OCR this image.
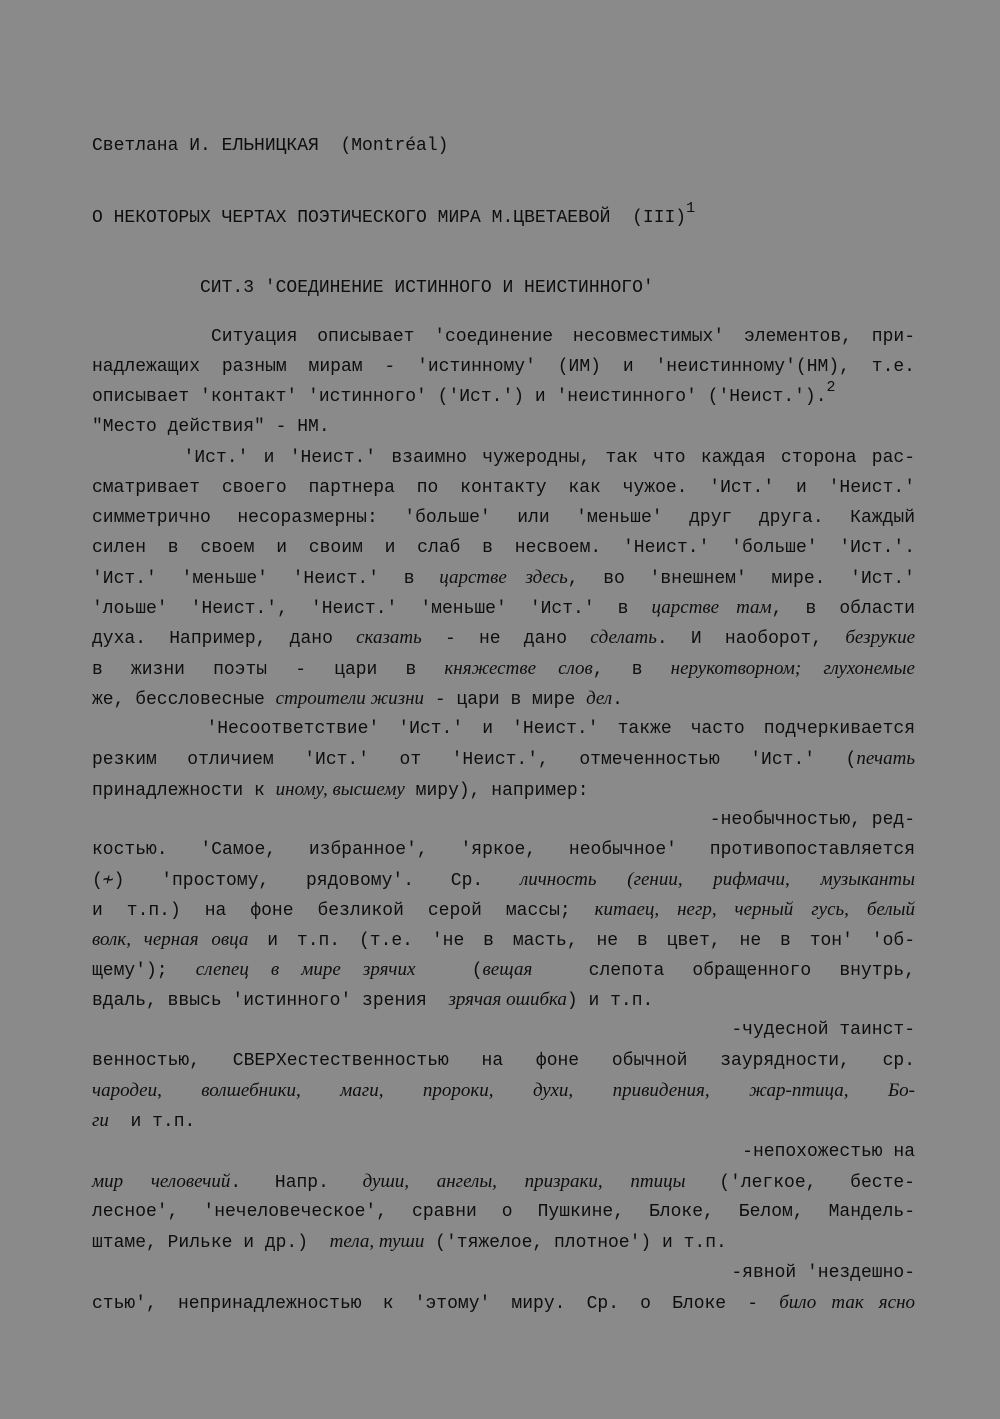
Светлана И. ЕЛЬНИЦКАЯ  (Montréal)
О НЕКОТОРЫХ ЧЕРТАХ ПОЭТИЧЕСКОГО МИРА М.ЦВЕТАЕВОЙ  (III)$^1$
СИТ.3 'СОЕДИНЕНИЕ ИСТИННОГО И НЕИСТИННОГО'
Ситуация описывает 'соединение несовместимых' элементов, при-
надлежащих разным мирам - 'истинному' (ИМ) и 'неистинному'(НМ), т.е.
описывает 'контакт' 'истинного' ('Ист.') и 'неистинного' ('Неист.').$^2$
"Место действия" - НМ.
'Ист.' и 'Неист.' взаимно чужеродны, так что каждая сторона рас-
сматривает своего партнера по контакту как чужое. 'Ист.' и 'Неист.'
симметрично несоразмерны: 'больше' или 'меньше' друг друга. Каждый
силен в своем и своим и слаб в несвоем. 'Неист.' 'больше' 'Ист.'.
'Ист.' 'меньше' 'Неист.' в царстве здесь, во 'внешнем' мире. 'Ист.'
'лоьше' 'Неист.', 'Неист.' 'меньше' 'Ист.' в царстве там, в области
духа. Например, дано сказать - не дано сделать. И наоборот, безрукие
в жизни поэты - цари в княжестве слов, в нерукотворном; глухонемые
же, бессловесные строители жизни - цари в мире дел.
'Несоответствие' 'Ист.' и 'Неист.' также часто подчеркивается
резким отличием 'Ист.' от 'Неист.', отмеченностью 'Ист.' (печать
принадлежности к иному, высшему миру), например:
-необычностью, ред-
костью. 'Самое, избранное', 'яркое, необычное' противопоставляется
(≁) 'простому, рядовому'. Ср. личность (гении, рифмачи, музыканты
и т.п.) на фоне безликой серой массы; китаец, негр, черный гусь, белый
волк, черная овца и т.п. (т.е. 'не в масть, не в цвет, не в тон' 'об-
щему'); слепец в мире зрячих  (вещая  слепота обращенного внутрь,
вдаль, ввысь 'истинного' зрения  зрячая ошибка) и т.п.
-чудесной таинст-
венностью, СВЕРХестественностью на фоне обычной заурядности, ср.
чародеи, волшебники, маги, пророки, духи, привидения, жар-птица, Бо-
ги  и т.п.
-непохожестью на
мир человечий. Напр. души, ангелы, призраки, птицы ('легкое, бесте-
лесное', 'нечеловеческое', сравни о Пушкине, Блоке, Белом, Мандель-
штаме, Рильке и др.)  тела, туши ('тяжелое, плотное') и т.п.
-явной 'нездешно-
стью', непринадлежностью к 'этому' миру. Ср. о Блоке - било так ясно
